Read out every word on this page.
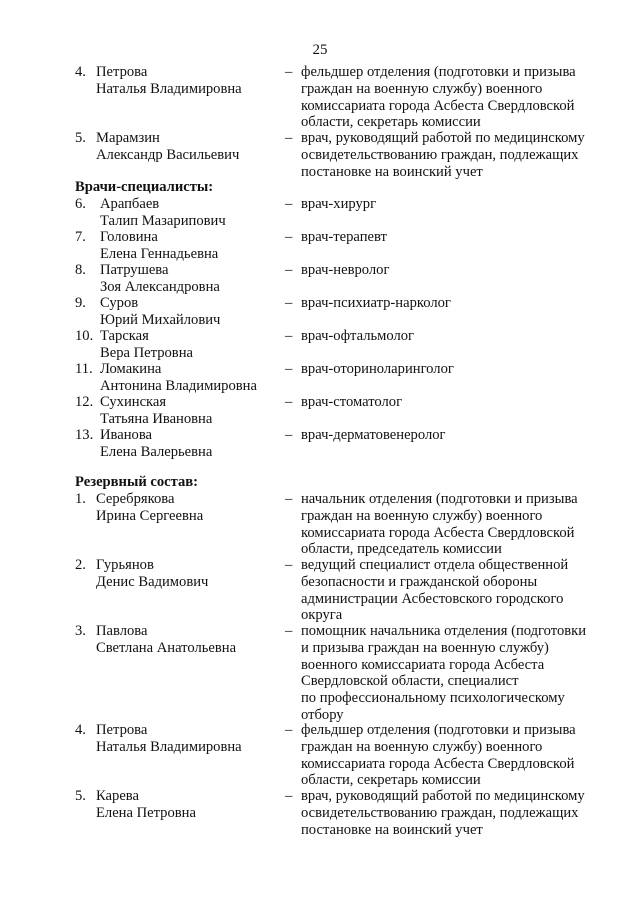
25
4. Петрова
Наталья Владимировна
– фельдшер отделения (подготовки и призыва
граждан на военную службу) военного
комиссариата города Асбеста Свердловской
области, секретарь комиссии
5. Марамзин
Александр Васильевич
– врач, руководящий работой по медицинскому
освидетельствованию граждан, подлежащих
постановке на воинский учет
6. Арапбаев
Талип Мазарипович
– врач-хирург
7. Головина
Елена Геннадьевна
– врач-терапевт
8. Патрушева
Зоя Александровна
– врач-невролог
9. Суров
Юрий Михайлович
– врач-психиатр-нарколог
10. Тарская
Вера Петровна
– врач-офтальмолог
11. Ломакина
Антонина Владимировна
– врач-оториноларинголог
12. Сухинская
Татьяна Ивановна
– врач-стоматолог
13. Иванова
Елена Валерьевна
– врач-дерматовенеролог
1. Серебрякова
Ирина Сергеевна
– начальник отделения (подготовки и призыва
граждан на военную службу) военного
комиссариата города Асбеста Свердловской
области, председатель комиссии
2. Гурьянов
Денис Вадимович
– ведущий специалист отдела общественной
безопасности и гражданской обороны
администрации Асбестовского городского
округа
3. Павлова
Светлана Анатольевна
– помощник начальника отделения (подготовки
и призыва граждан на военную службу)
военного комиссариата города Асбеста
Свердловской области, специалист
по профессиональному психологическому
отбору
4. Петрова
Наталья Владимировна
– фельдшер отделения (подготовки и призыва
граждан на военную службу) военного
комиссариата города Асбеста Свердловской
области, секретарь комиссии
5. Карева
Елена Петровна
– врач, руководящий работой по медицинскому
освидетельствованию граждан, подлежащих
постановке на воинский учет
Врачи-специалисты:
Резервный состав:
